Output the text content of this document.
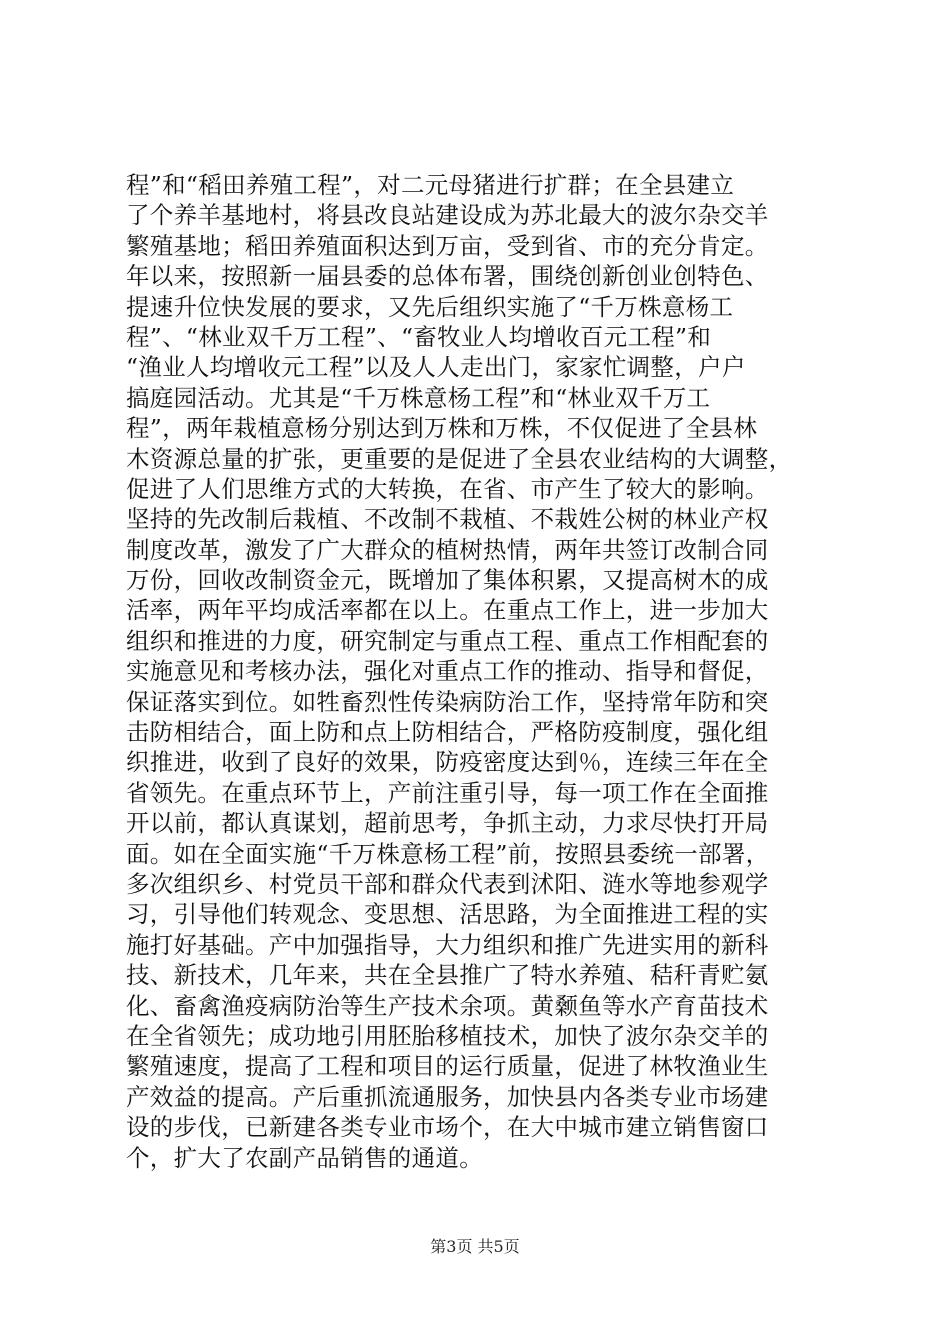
程”和“稻田养殖工程”，对二元母猪进行扩群；在全县建立
了个养羊基地村，将县改良站建设成为苏北最大的波尔杂交羊
繁殖基地；稻田养殖面积达到万亩，受到省、市的充分肯定。
年以来，按照新一届县委的总体布署，围绕创新创业创特色、
提速升位快发展的要求，又先后组织实施了“千万株意杨工
程”、“林业双千万工程”、“畜牧业人均增收百元工程”和
“渔业人均增收元工程”以及人人走出门，家家忙调整，户户
搞庭园活动。尤其是“千万株意杨工程”和“林业双千万工
程”，两年栽植意杨分别达到万株和万株，不仅促进了全县林
木资源总量的扩张，更重要的是促进了全县农业结构的大调整，
促进了人们思维方式的大转换，在省、市产生了较大的影响。
坚持的先改制后栽植、不改制不栽植、不栽姓公树的林业产权
制度改革，激发了广大群众的植树热情，两年共签订改制合同
万份，回收改制资金元，既增加了集体积累，又提高树木的成
活率，两年平均成活率都在以上。在重点工作上，进一步加大
组织和推进的力度，研究制定与重点工程、重点工作相配套的
实施意见和考核办法，强化对重点工作的推动、指导和督促，
保证落实到位。如牲畜烈性传染病防治工作，坚持常年防和突
击防相结合，面上防和点上防相结合，严格防疫制度，强化组
织推进，收到了良好的效果，防疫密度达到％，连续三年在全
省领先。在重点环节上，产前注重引导，每一项工作在全面推
开以前，都认真谋划，超前思考，争抓主动，力求尽快打开局
面。如在全面实施“千万株意杨工程”前，按照县委统一部署，
多次组织乡、村党员干部和群众代表到沭阳、涟水等地参观学
习，引导他们转观念、变思想、活思路，为全面推进工程的实
施打好基础。产中加强指导，大力组织和推广先进实用的新科
技、新技术，几年来，共在全县推广了特水养殖、秸秆青贮氨
化、畜禽渔疫病防治等生产技术余项。黄颡鱼等水产育苗技术
在全省领先；成功地引用胚胎移植技术，加快了波尔杂交羊的
繁殖速度，提高了工程和项目的运行质量，促进了林牧渔业生
产效益的提高。产后重抓流通服务，加快县内各类专业市场建
设的步伐，已新建各类专业市场个，在大中城市建立销售窗口
个，扩大了农副产品销售的通道。
第3页 共5页
